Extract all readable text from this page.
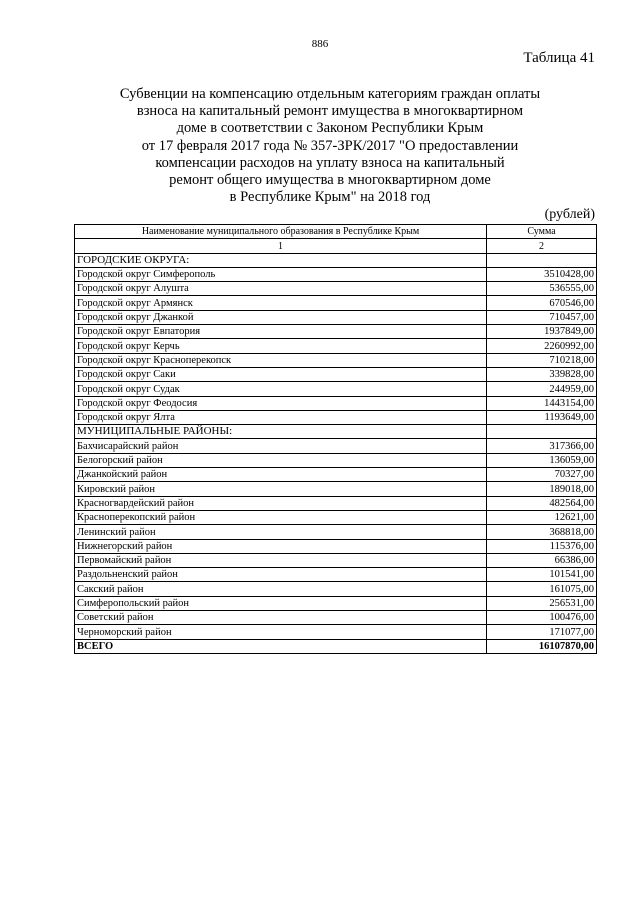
886
Таблица 41
Субвенции на компенсацию отдельным категориям граждан оплаты
взноса на капитальный ремонт имущества в многоквартирном
доме в соответствии с Законом Республики Крым
от 17 февраля 2017 года № 357-ЗРК/2017 "О предоставлении
компенсации расходов на уплату взноса на капитальный
ремонт общего имущества в многоквартирном доме
в Республике Крым" на 2018 год
(рублей)
Наименование муниципального образования в Республике Крым	Сумма
1	2
ГОРОДСКИЕ ОКРУГА:	
Городской округ Симферополь	3510428,00
Городской округ Алушта	536555,00
Городской округ Армянск	670546,00
Городской округ Джанкой	710457,00
Городской округ Евпатория	1937849,00
Городской округ Керчь	2260992,00
Городской округ Красноперекопск	710218,00
Городской округ Саки	339828,00
Городской округ Судак	244959,00
Городской округ Феодосия	1443154,00
Городской округ Ялта	1193649,00
МУНИЦИПАЛЬНЫЕ РАЙОНЫ:	
Бахчисарайский район	317366,00
Белогорский район	136059,00
Джанкойский район	70327,00
Кировский район	189018,00
Красногвардейский район	482564,00
Красноперекопский район	12621,00
Ленинский район	368818,00
Нижнегорский район	115376,00
Первомайский район	66386,00
Раздольненский район	101541,00
Сакский район	161075,00
Симферопольский район	256531,00
Советский район	100476,00
Черноморский район	171077,00
ВСЕГО	16107870,00
